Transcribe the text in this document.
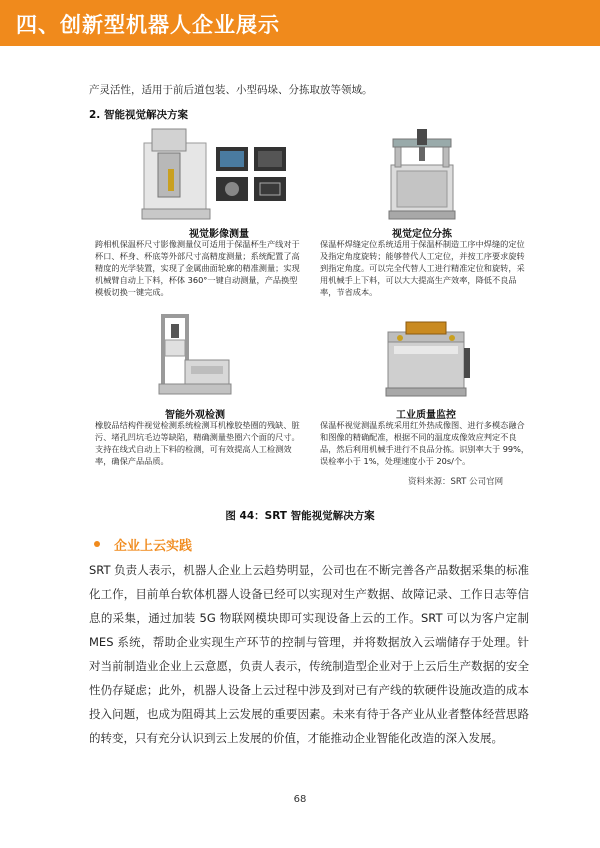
四、创新型机器人企业展示
产灵活性，适用于前后道包装、小型码垛、分拣取放等领域。
2. 智能视觉解决方案
视觉影像测量
跨相机保温杯尺寸影像测量仪可适用于保温杯生产线对于杯口、杯身、杯底等外部尺寸高精度测量；系统配置了高精度的光学装置，实现了金属曲面轮廓的精准测量；实现机械臂自动上下料，杯体 360°一键自动测量，产品换型模板切换一键完成。
视觉定位分拣
保温杯焊缝定位系统适用于保温杯制造工序中焊缝的定位及指定角度旋转；能够替代人工定位，并按工序要求旋转到指定角度。可以完全代替人工进行精准定位和旋转，采用机械手上下料，可以大大提高生产效率，降低不良品率，节省成本。
智能外观检测
橡胶品结构件视觉检测系统检测耳机橡胶垫圈的残缺、脏污、堵孔凹坑毛边等缺陷，精确测量垫圈六个面的尺寸。支持在线式自动上下料的检测，可有效提高人工检测效率，确保产品品质。
工业质量监控
保温杯视觉测温系统采用红外热成像图、进行多模态融合和图像的精确配准，根据不同的温度成像效应判定不良品，然后利用机械手进行不良品分拣。识别率大于 99%，误检率小于 1%，处理速度小于 20s/个。
资料来源：SRT 公司官网
图 44：SRT 智能视觉解决方案
企业上云实践

SRT 负责人表示，机器人企业上云趋势明显，公司也在不断完善各产品数据采集的标准化工作，目前单台软体机器人设备已经可以实现对生产数据、故障记录、工作日志等信息的采集，通过加装 5G 物联网模块即可实现设备上云的工作。SRT 可以为客户定制 MES 系统，帮助企业实现生产环节的控制与管理，并将数据放入云端储存于处理。针对当前制造业企业上云意愿，负责人表示，传统制造型企业对于上云后生产数据的安全性仍存疑虑；此外，机器人设备上云过程中涉及到对已有产线的软硬件设施改造的成本投入问题，也成为阻碍其上云发展的重要因素。未来有待于各产业从业者整体经营思路的转变，只有充分认识到云上发展的价值，才能推动企业智能化改造的深入发展。

68
